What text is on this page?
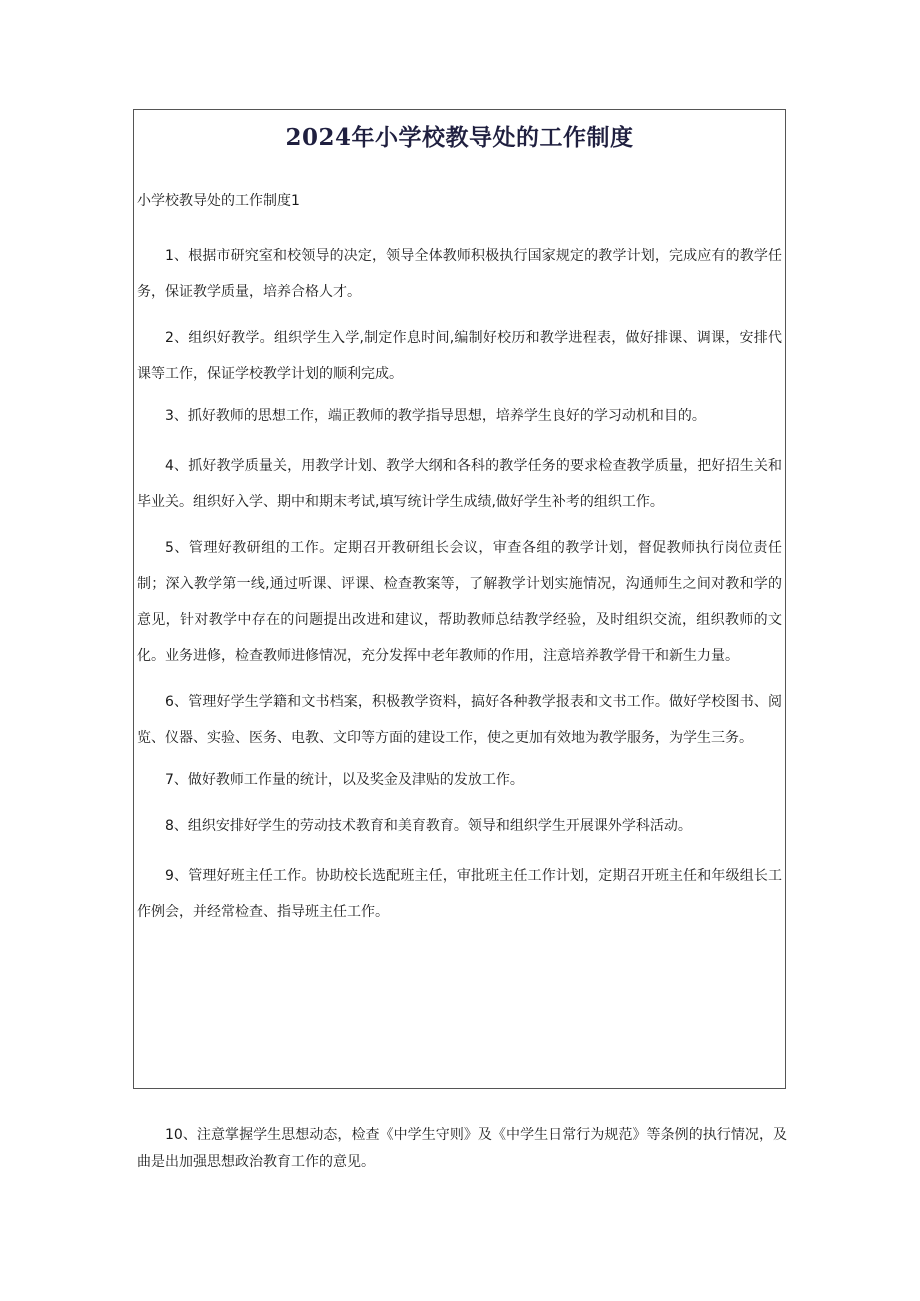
2024年小学校教导处的工作制度

小学校教导处的工作制度1

1、根据市研究室和校领导的决定，领导全体教师积极执行国家规定的教学计划，完成应有的教学任务，保证教学质量，培养合格人才。

2、组织好教学。组织学生入学,制定作息时间,编制好校历和教学进程表，做好排课、调课，安排代课等工作，保证学校教学计划的顺利完成。

3、抓好教师的思想工作，端正教师的教学指导思想，培养学生良好的学习动机和目的。

4、抓好教学质量关，用教学计划、教学大纲和各科的教学任务的要求检查教学质量，把好招生关和毕业关。组织好入学、期中和期末考试,填写统计学生成绩,做好学生补考的组织工作。

5、管理好教研组的工作。定期召开教研组长会议，审查各组的教学计划，督促教师执行岗位责任制；深入教学第一线,通过听课、评课、检查教案等，了解教学计划实施情况，沟通师生之间对教和学的意见，针对教学中存在的问题提出改进和建议，帮助教师总结教学经验，及时组织交流，组织教师的文化。业务进修，检查教师进修情况，充分发挥中老年教师的作用，注意培养教学骨干和新生力量。

6、管理好学生学籍和文书档案，积极教学资料，搞好各种教学报表和文书工作。做好学校图书、阅览、仪器、实验、医务、电教、文印等方面的建设工作，使之更加有效地为教学服务，为学生三务。

7、做好教师工作量的统计，以及奖金及津贴的发放工作。

8、组织安排好学生的劳动技术教育和美育教育。领导和组织学生开展课外学科活动。

9、管理好班主任工作。协助校长选配班主任，审批班主任工作计划，定期召开班主任和年级组长工作例会，并经常检查、指导班主任工作。

10、注意掌握学生思想动态，检查《中学生守则》及《中学生日常行为规范》等条例的执行情况，及曲是出加强思想政治教育工作的意见。
